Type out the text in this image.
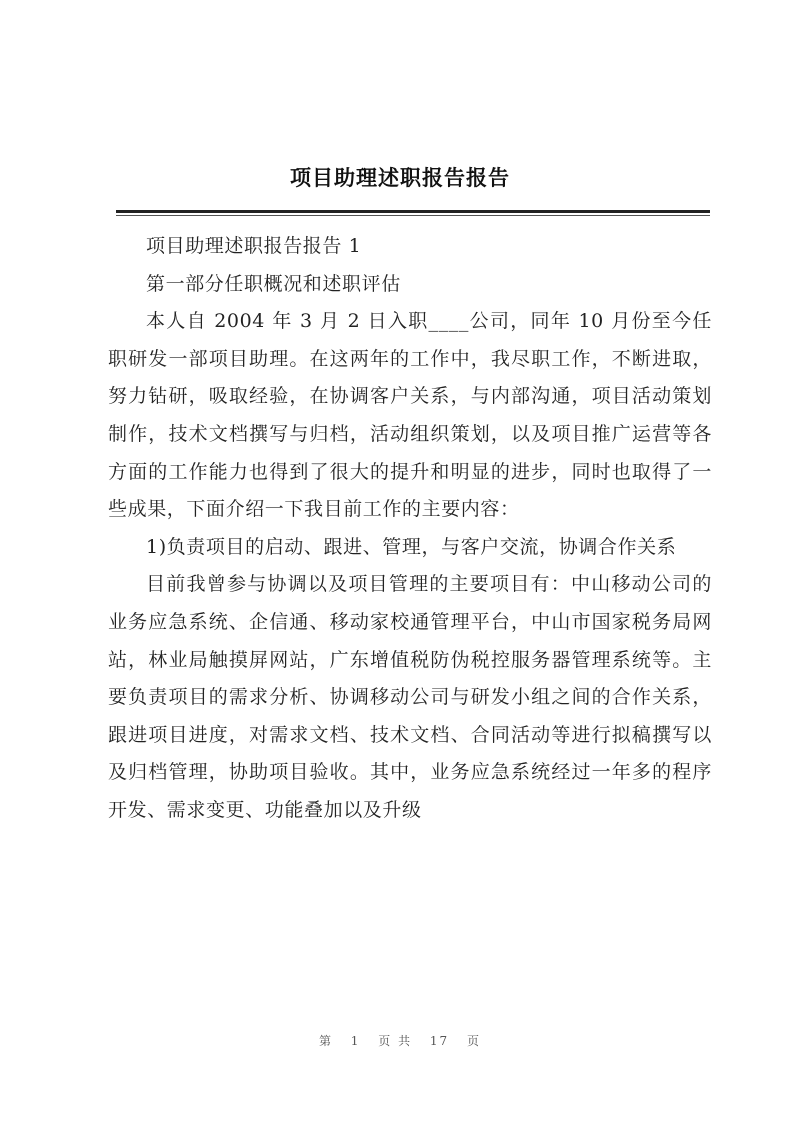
项目助理述职报告报告

项目助理述职报告报告 1

第一部分任职概况和述职评估

本人自 2004 年 3 月 2 日入职____公司，同年 10 月份至今任职研发一部项目助理。在这两年的工作中，我尽职工作，不断进取，努力钻研，吸取经验，在协调客户关系，与内部沟通，项目活动策划制作，技术文档撰写与归档，活动组织策划，以及项目推广运营等各方面的工作能力也得到了很大的提升和明显的进步，同时也取得了一些成果，下面介绍一下我目前工作的主要内容：

1)负责项目的启动、跟进、管理，与客户交流，协调合作关系

目前我曾参与协调以及项目管理的主要项目有：中山移动公司的业务应急系统、企信通、移动家校通管理平台，中山市国家税务局网站，林业局触摸屏网站，广东增值税防伪税控服务器管理系统等。主要负责项目的需求分析、协调移动公司与研发小组之间的合作关系，跟进项目进度，对需求文档、技术文档、合同活动等进行拟稿撰写以及归档管理，协助项目验收。其中，业务应急系统经过一年多的程序开发、需求变更、功能叠加以及升级

第 1 页 共 17 页
